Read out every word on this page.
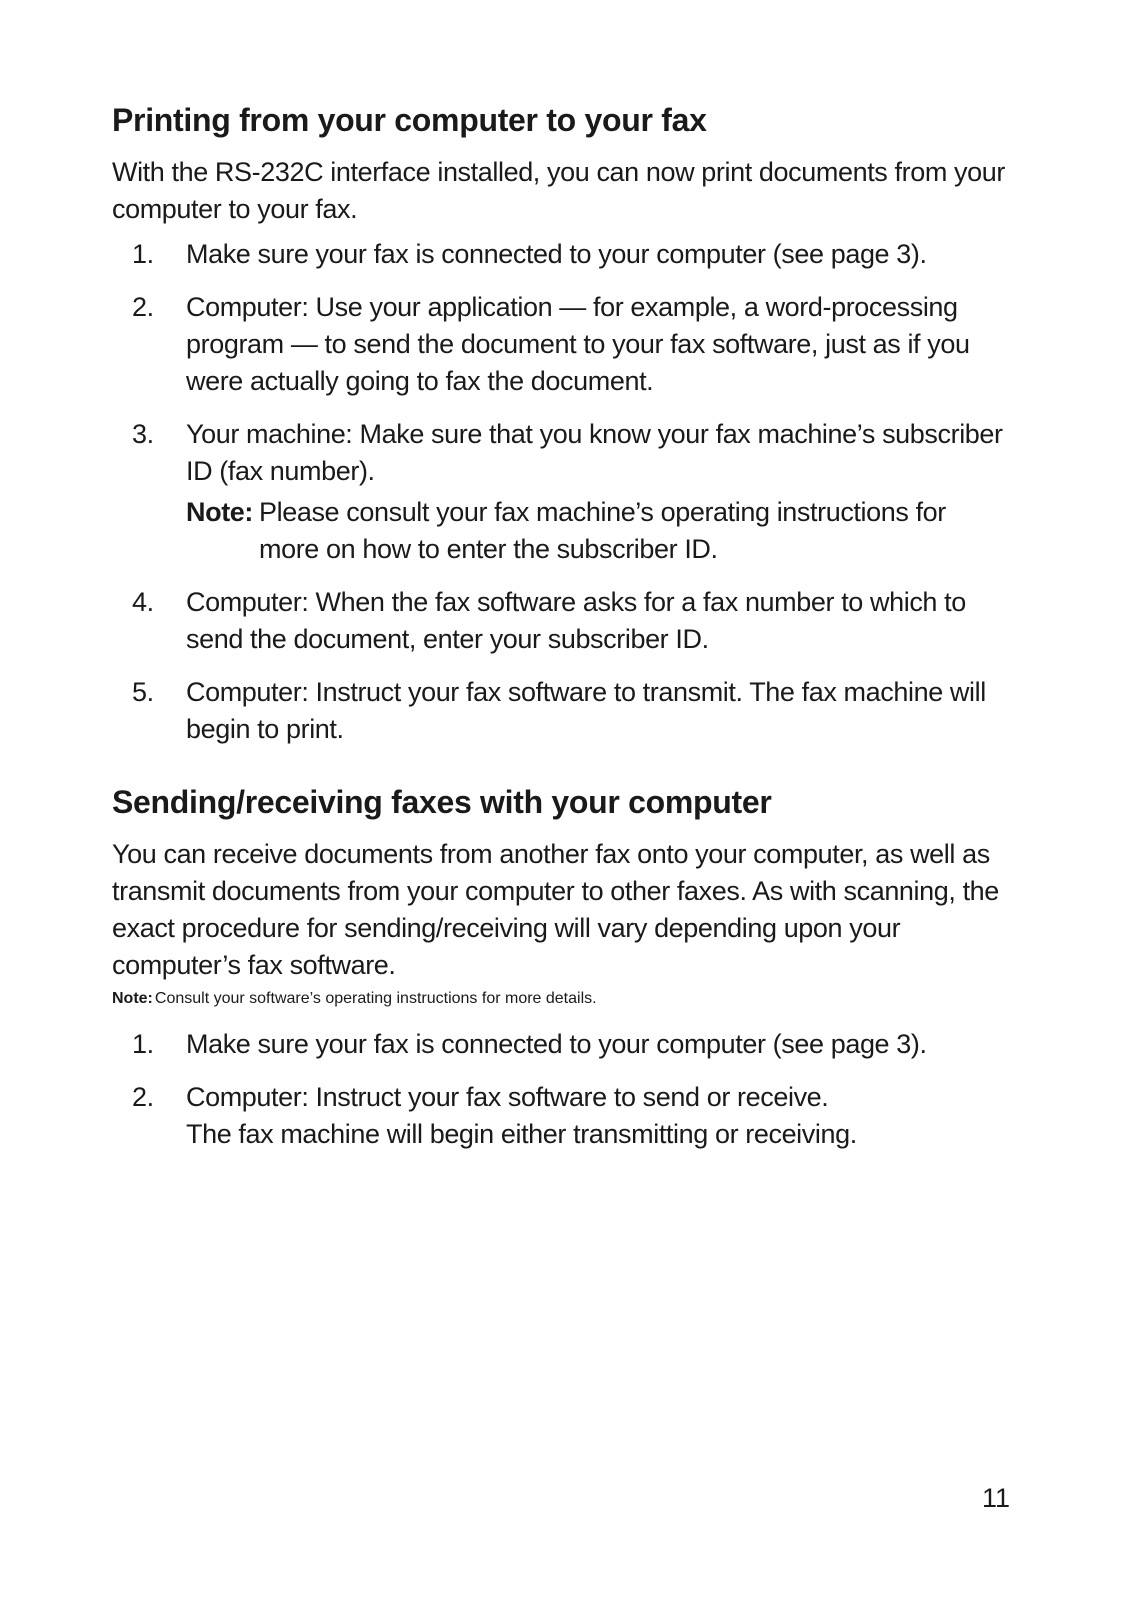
Printing from your computer to your fax

With the RS-232C interface installed, you can now print documents from your computer to your fax.

1.	Make sure your fax is connected to your computer (see page 3).
2.	Computer: Use your application — for example, a word-processing program — to send the document to your fax software, just as if you were actually going to fax the document.
3.	Your machine: Make sure that you know your fax machine’s subscriber ID (fax number).
Note: Please consult your fax machine’s operating instructions for more on how to enter the subscriber ID.
4.	Computer: When the fax software asks for a fax number to which to send the document, enter your subscriber ID.
5.	Computer: Instruct your fax software to transmit. The fax machine will begin to print.
Sending/receiving faxes with your computer

You can receive documents from another fax onto your computer, as well as transmit documents from your computer to other faxes. As with scanning, the exact procedure for sending/receiving will vary depending upon your computer’s fax software.

Note: Consult your software’s operating instructions for more details.
1.	Make sure your fax is connected to your computer (see page 3).
2.	Computer: Instruct your fax software to send or receive.
The fax machine will begin either transmitting or receiving.
11
